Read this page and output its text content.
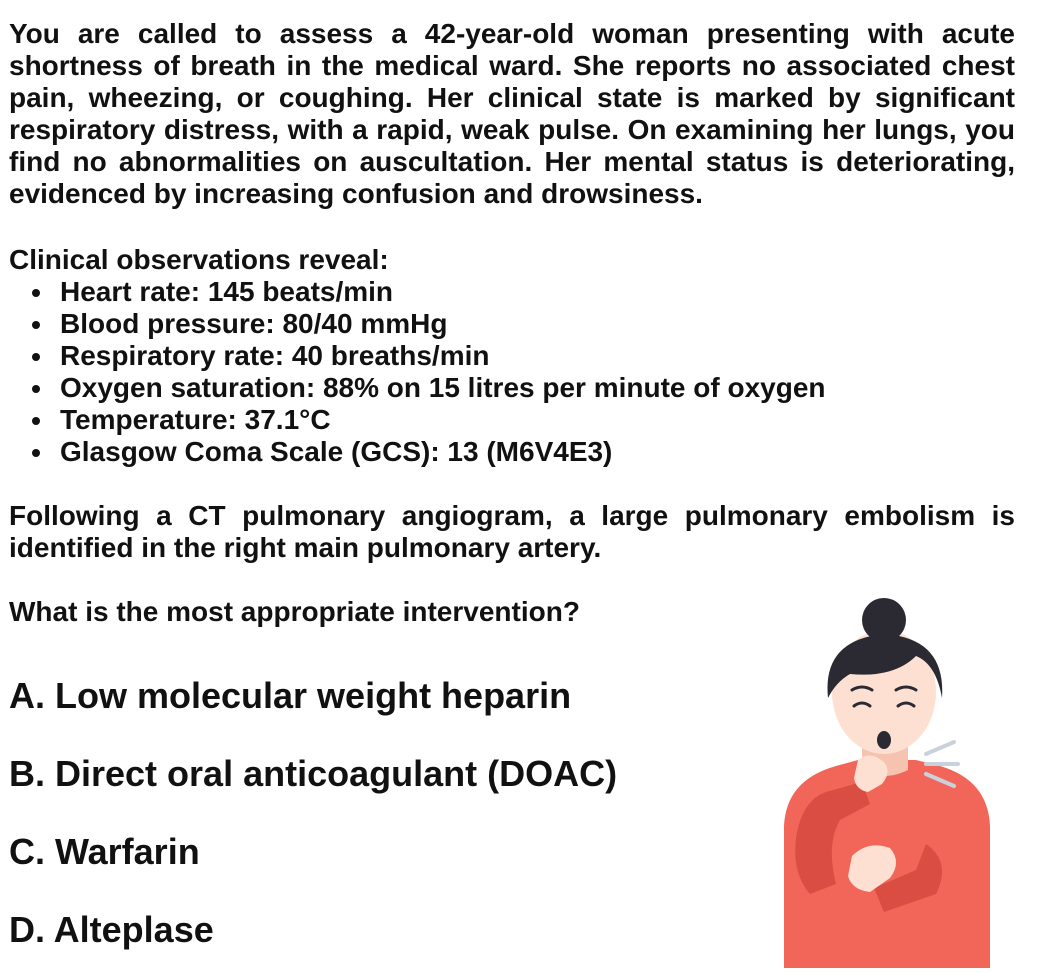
You are called to assess a 42-year-old woman presenting with acute shortness of breath in the medical ward. She reports no associated chest pain, wheezing, or coughing. Her clinical state is marked by significant respiratory distress, with a rapid, weak pulse. On examining her lungs, you find no abnormalities on auscultation. Her mental status is deteriorating, evidenced by increasing confusion and drowsiness.

Clinical observations reveal:

Heart rate: 145 beats/min
Blood pressure: 80/40 mmHg
Respiratory rate: 40 breaths/min
Oxygen saturation: 88% on 15 litres per minute of oxygen
Temperature: 37.1°C
Glasgow Coma Scale (GCS): 13 (M6V4E3)

Following a CT pulmonary angiogram, a large pulmonary embolism is identified in the right main pulmonary artery.

What is the most appropriate intervention?

A. Low molecular weight heparin

B. Direct oral anticoagulant (DOAC)

C. Warfarin

D. Alteplase
